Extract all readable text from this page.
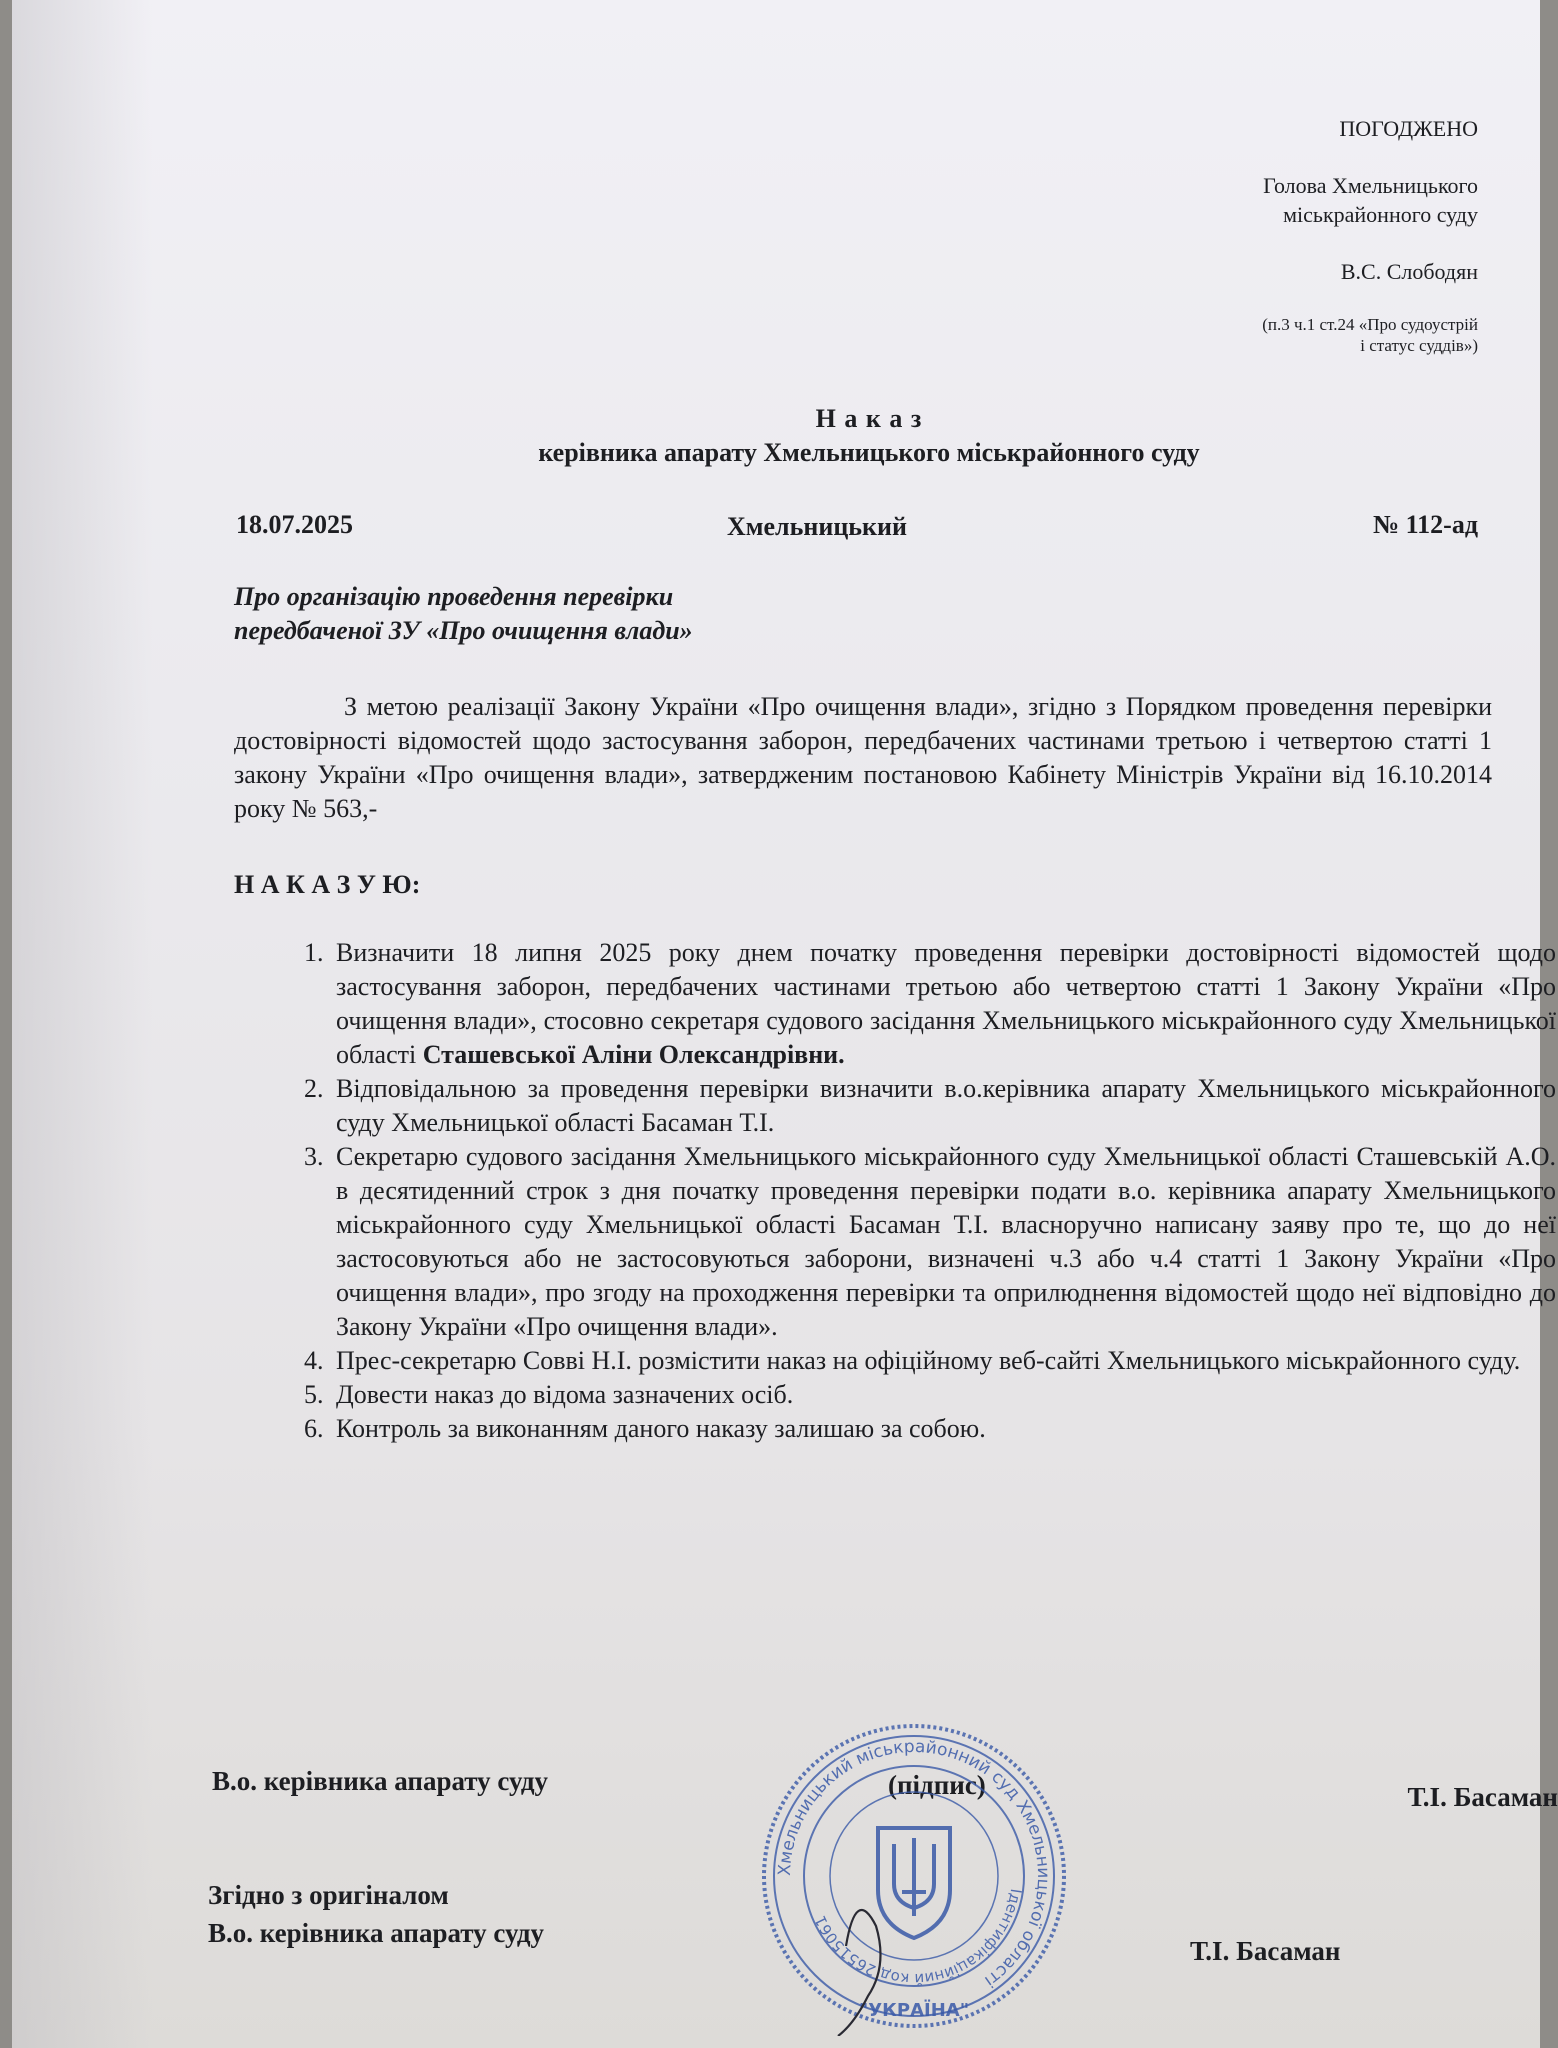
ПОГОДЖЕНО
Голова Хмельницького
міськрайонного суду
В.С. Слободян
(п.3 ч.1 ст.24 «Про судоустрій
і статус суддів»)
Н а к а з
керівника апарату Хмельницького міськрайонного суду
18.07.2025	Хмельницький	№ 112-ад
Про організацію проведення перевірки
передбаченої ЗУ «Про очищення влади»
З метою реалізації Закону України «Про очищення влади», згідно з Порядком проведення перевірки достовірності відомостей щодо застосування заборон, передбачених частинами третьою і четвертою статті 1 закону України «Про очищення влади», затвердженим постановою Кабінету Міністрів України від 16.10.2014 року № 563,-
Н А К А З У Ю:
1. Визначити 18 липня 2025 року днем початку проведення перевірки достовірності відомостей щодо застосування заборон, передбачених частинами третьою або четвертою статті 1 Закону України «Про очищення влади», стосовно секретаря судового засідання Хмельницького міськрайонного суду Хмельницької області Сташевської Аліни Олександрівни.
2. Відповідальною за проведення перевірки визначити в.о.керівника апарату Хмельницького міськрайонного суду Хмельницької області Басаман Т.І.
3. Секретарю судового засідання Хмельницького міськрайонного суду Хмельницької області Сташевській А.О. в десятиденний строк з дня початку проведення перевірки подати в.о. керівника апарату Хмельницького міськрайонного суду Хмельницької області Басаман Т.І. власноручно написану заяву про те, що до неї застосовуються або не застосовуються заборони, визначені ч.3 або ч.4 статті 1 Закону України «Про очищення влади», про згоду на проходження перевірки та оприлюднення відомостей щодо неї відповідно до Закону України «Про очищення влади».
4. Прес-секретарю Совві Н.І. розмістити наказ на офіційному веб-сайті Хмельницького міськрайонного суду.
5. Довести наказ до відома зазначених осіб.
6. Контроль за виконанням даного наказу залишаю за собою.
В.о. керівника апарату суду	(підпис)	Т.І. Басаман
Згідно з оригіналом
В.о. керівника апарату суду
Т.І. Басаман
Хмельницький міськрайонний суд Хмельницької області
Ідентифікаційний код 26515061
"УКРАЇНА"
